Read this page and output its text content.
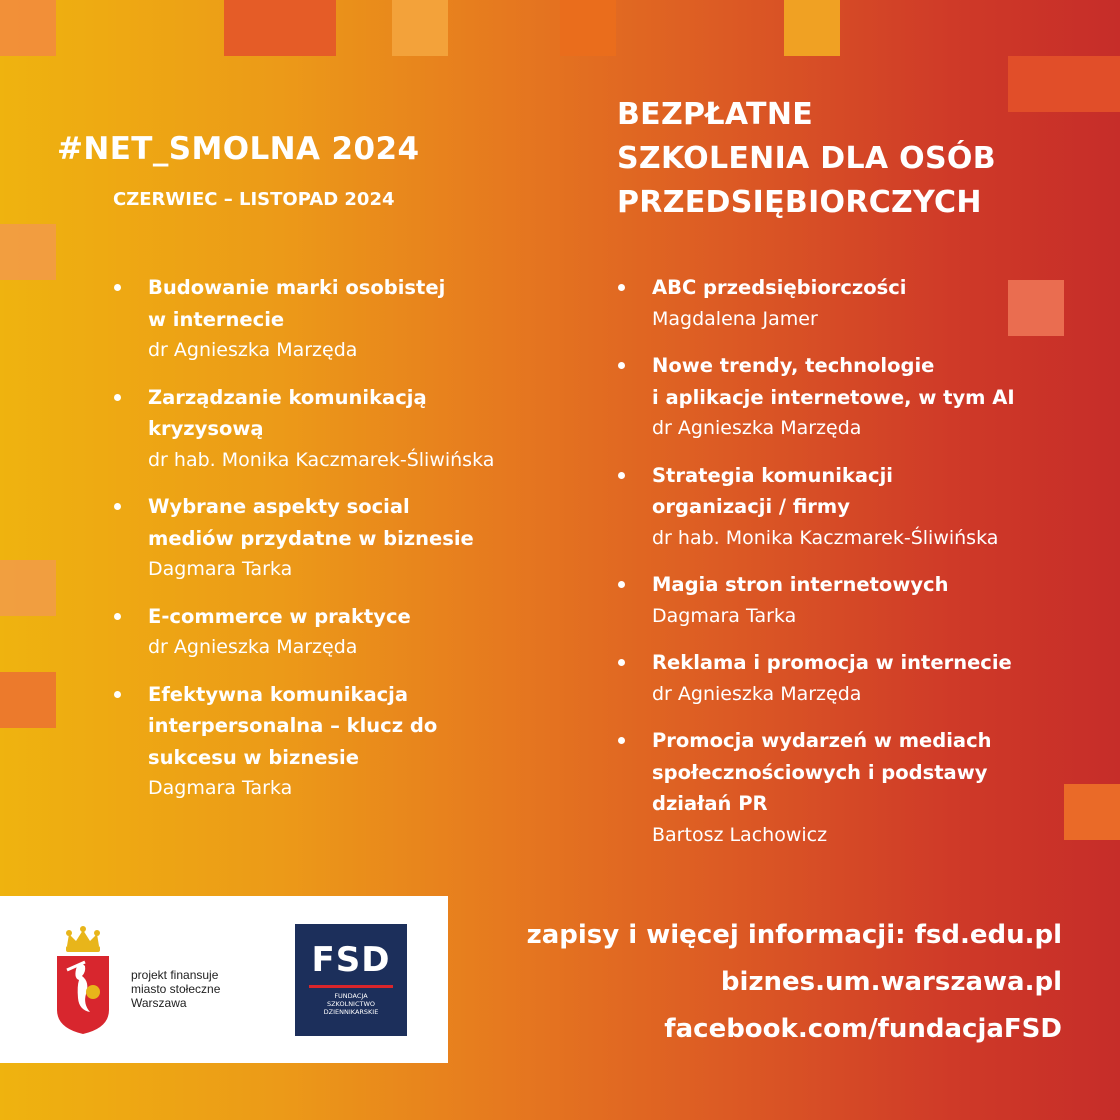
#NET_SMOLNA 2024

CZERWIEC – LISTOPAD 2024

BEZPŁATNE
SZKOLENIA DLA OSÓB
PRZEDSIĘBIORCZYCH
Budowanie marki osobistej
w internecie
dr Agnieszka Marzęda
Zarządzanie komunikacją
kryzysową
dr hab. Monika Kaczmarek-Śliwińska
Wybrane aspekty social
mediów przydatne w biznesie
Dagmara Tarka
E-commerce w praktyce
dr Agnieszka Marzęda
Efektywna komunikacja
interpersonalna – klucz do
sukcesu w biznesie
Dagmara Tarka
ABC przedsiębiorczości
Magdalena Jamer
Nowe trendy, technologie
i aplikacje internetowe, w tym AI
dr Agnieszka Marzęda
Strategia komunikacji
organizacji / firmy
dr hab. Monika Kaczmarek-Śliwińska
Magia stron internetowych
Dagmara Tarka
Reklama i promocja w internecie
dr Agnieszka Marzęda
Promocja wydarzeń w mediach
społecznościowych i podstawy
działań PR
Bartosz Lachowicz
projekt finansuje
miasto stołeczne
Warszawa
FSD
FUNDACJA
SZKOLNICTWO
DZIENNIKARSKIE

zapisy i więcej informacji: fsd.edu.pl

biznes.um.warszawa.pl

facebook.com/fundacjaFSD
